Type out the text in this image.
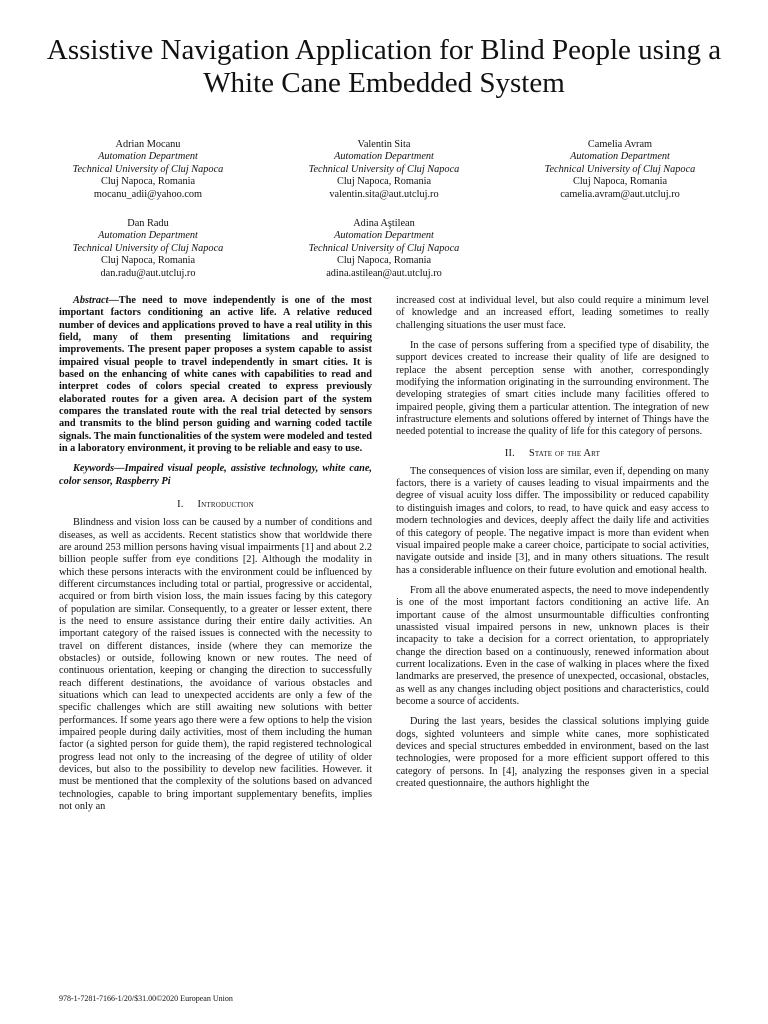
Assistive Navigation Application for Blind People using a White Cane Embedded System
Adrian Mocanu
Automation Department
Technical University of Cluj Napoca
Cluj Napoca, Romania
mocanu_adii@yahoo.com
Valentin Sita
Automation Department
Technical University of Cluj Napoca
Cluj Napoca, Romania
valentin.sita@aut.utcluj.ro
Camelia Avram
Automation Department
Technical University of Cluj Napoca
Cluj Napoca, Romania
camelia.avram@aut.utcluj.ro
Dan Radu
Automation Department
Technical University of Cluj Napoca
Cluj Napoca, Romania
dan.radu@aut.utcluj.ro
Adina Aştilean
Automation Department
Technical University of Cluj Napoca
Cluj Napoca, Romania
adina.astilean@aut.utcluj.ro

Abstract—The need to move independently is one of the most important factors conditioning an active life. A relative reduced number of devices and applications proved to have a real utility in this field, many of them presenting limitations and requiring improvements. The present paper proposes a system capable to assist impaired visual people to travel independently in smart cities. It is based on the enhancing of white canes with capabilities to read and interpret codes of colors special created to express previously elaborated routes for a given area. A decision part of the system compares the translated route with the real trial detected by sensors and transmits to the blind person guiding and warning coded tactile signals. The main functionalities of the system were modeled and tested in a laboratory environment, it proving to be reliable and easy to use.

Keywords—Impaired visual people, assistive technology, white cane, color sensor, Raspberry Pi

I. Introduction

Blindness and vision loss can be caused by a number of conditions and diseases, as well as accidents. Recent statistics show that worldwide there are around 253 million persons having visual impairments [1] and about 2.2 billion people suffer from eye conditions [2]. Although the modality in which these persons interacts with the environment could be influenced by different circumstances including total or partial, progressive or accidental, acquired or from birth vision loss, the main issues facing by this category of population are similar. Consequently, to a greater or lesser extent, there is the need to ensure assistance during their entire daily activities. An important category of the raised issues is connected with the necessity to travel on different distances, inside (where they can memorize the obstacles) or outside, following known or new routes. The need of continuous orientation, keeping or changing the direction to successfully reach different destinations, the avoidance of various obstacles and situations which can lead to unexpected accidents are only a few of the specific challenges which are still awaiting new solutions with better performances. If some years ago there were a few options to help the vision impaired people during daily activities, most of them including the human factor (a sighted person for guide them), the rapid registered technological progress lead not only to the increasing of the degree of utility of older devices, but also to the possibility to develop new facilities. However. it must be mentioned that the complexity of the solutions based on advanced technologies, capable to bring important supplementary benefits, implies not only an

increased cost at individual level, but also could require a minimum level of knowledge and an increased effort, leading sometimes to really challenging situations the user must face.

In the case of persons suffering from a specified type of disability, the support devices created to increase their quality of life are designed to replace the absent perception sense with another, correspondingly modifying the information originating in the surrounding environment. The developing strategies of smart cities include many facilities offered to impaired people, giving them a particular attention. The integration of new infrastructure elements and solutions offered by internet of Things have the needed potential to increase the quality of life for this category of persons.

II. State of the Art

The consequences of vision loss are similar, even if, depending on many factors, there is a variety of causes leading to visual impairments and the degree of visual acuity loss differ. The impossibility or reduced capability to distinguish images and colors, to read, to have quick and easy access to modern technologies and devices, deeply affect the daily life and activities of this category of people. The negative impact is more than evident when visual impaired people make a career choice, participate to social activities, navigate outside and inside [3], and in many others situations. The result has a considerable influence on their future evolution and emotional health.

From all the above enumerated aspects, the need to move independently is one of the most important factors conditioning an active life. An important cause of the almost unsurmountable difficulties confronting unassisted visual impaired persons in new, unknown places is their incapacity to take a decision for a correct orientation, to appropriately change the direction based on a continuously, renewed information about current localizations. Even in the case of walking in places where the fixed landmarks are preserved, the presence of unexpected, occasional, obstacles, as well as any changes including object positions and characteristics, could become a source of accidents.

During the last years, besides the classical solutions implying guide dogs, sighted volunteers and simple white canes, more sophisticated devices and special structures embedded in environment, based on the last technologies, were proposed for a more efficient support offered to this category of persons. In [4], analyzing the responses given in a special created questionnaire, the authors highlight the

978-1-7281-7166-1/20/$31.00©2020 European Union
